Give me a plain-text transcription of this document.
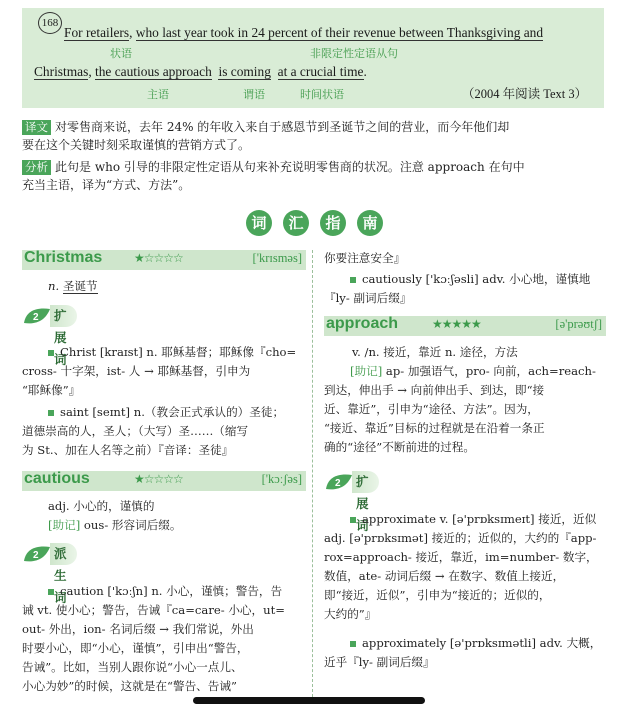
168
For retailers, who last year took in 24 percent of their revenue between Thanksgiving and
状语	非限定性定语从句
Christmas, the cautious approach is coming at a crucial time.
主语	谓语	时间状语	（2004 年阅读 Text 3）
译文 对零售商来说，去年 24% 的年收入来自于感恩节到圣诞节之间的营业，而今年他们却
要在这个关键时刻采取谨慎的营销方式了。
分析 此句是 who 引导的非限定性定语从句来补充说明零售商的状况。注意 approach 在句中
充当主语，译为“方式、方法”。
词	汇	指	南
Christmas	★☆☆☆☆	['krɪsməs]
n. 圣诞节
2	扩展词
Christ [kraɪst] n. 耶稣基督；耶稣像『cho=
cross- 十字架，ist- 人 → 耶稣基督，引申为
“耶稣像”』
saint [seɪnt] n.（教会正式承认的）圣徒；
道德崇高的人，圣人；（大写）圣……（缩写
为 St.、加在人名等之前）『音译：圣徒』
cautious	★☆☆☆☆	['kɔːʃəs]
adj. 小心的，谨慎的
[助记] ous- 形容词后缀。
2	派生词
caution ['kɔːʃn] n. 小心，谨慎；警告，告
诫 vt. 使小心；警告，告诫『ca=care- 小心，ut=
out- 外出，ion- 名词后缀 → 我们常说，外出
时要小心，即“小心，谨慎”，引申出“警告，
告诫”。比如，当别人跟你说“小心一点儿、
小心为妙”的时候，这就是在“警告、告诫”
你要注意安全』
cautiously ['kɔːʃəsli] adv. 小心地，谨慎地
『ly- 副词后缀』
approach	★★★★★	[ə'prəʊtʃ]
v. /n. 接近，靠近 n. 途径，方法
[助记] ap- 加强语气，pro- 向前，ach=reach-
到达，伸出手 → 向前伸出手、到达，即“接
近、靠近”，引申为“途径、方法”。因为，
“接近、靠近”目标的过程就是在沿着一条正
确的“途径”不断前进的过程。
2	扩展词
approximate v. [ə'prɒksɪmeɪt] 接近，近似
adj. [ə'prɒksɪmət] 接近的；近似的，大约的『app-
rox=approach- 接近，靠近，im=number- 数字，
数值，ate- 动词后缀 → 在数字、数值上接近，
即“接近，近似”，引申为“接近的；近似的，
大约的”』
approximately [ə'prɒksɪmətli] adv. 大概，
近乎『ly- 副词后缀』
